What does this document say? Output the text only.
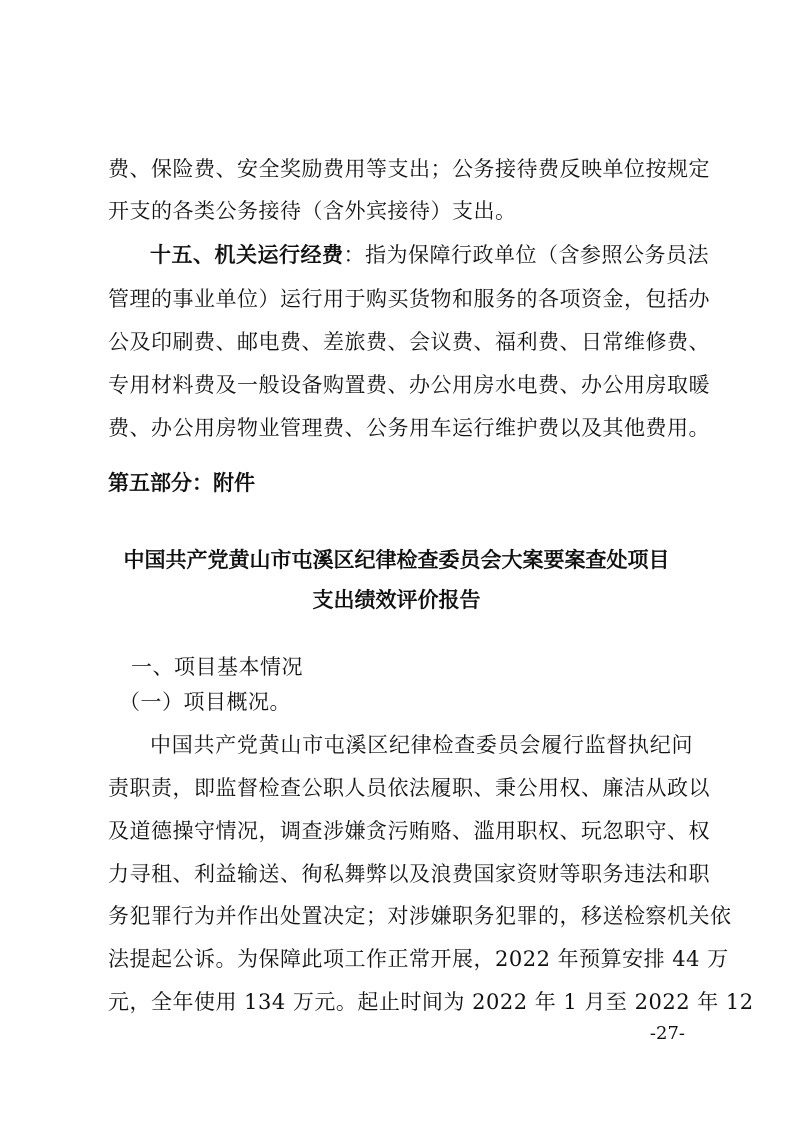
费、保险费、安全奖励费用等支出；公务接待费反映单位按规定
开支的各类公务接待（含外宾接待）支出。
十五、机关运行经费：指为保障行政单位（含参照公务员法
管理的事业单位）运行用于购买货物和服务的各项资金，包括办
公及印刷费、邮电费、差旅费、会议费、福利费、日常维修费、
专用材料费及一般设备购置费、办公用房水电费、办公用房取暖
费、办公用房物业管理费、公务用车运行维护费以及其他费用。
第五部分：附件
中国共产党黄山市屯溪区纪律检查委员会大案要案查处项目
支出绩效评价报告
一、项目基本情况
（一）项目概况。
中国共产党黄山市屯溪区纪律检查委员会履行监督执纪问
责职责，即监督检查公职人员依法履职、秉公用权、廉洁从政以
及道德操守情况，调查涉嫌贪污贿赂、滥用职权、玩忽职守、权
力寻租、利益输送、徇私舞弊以及浪费国家资财等职务违法和职
务犯罪行为并作出处置决定；对涉嫌职务犯罪的，移送检察机关依
法提起公诉。为保障此项工作正常开展，2022 年预算安排 44 万
元，全年使用 134 万元。起止时间为 2022 年 1 月至 2022 年 12
-27-
